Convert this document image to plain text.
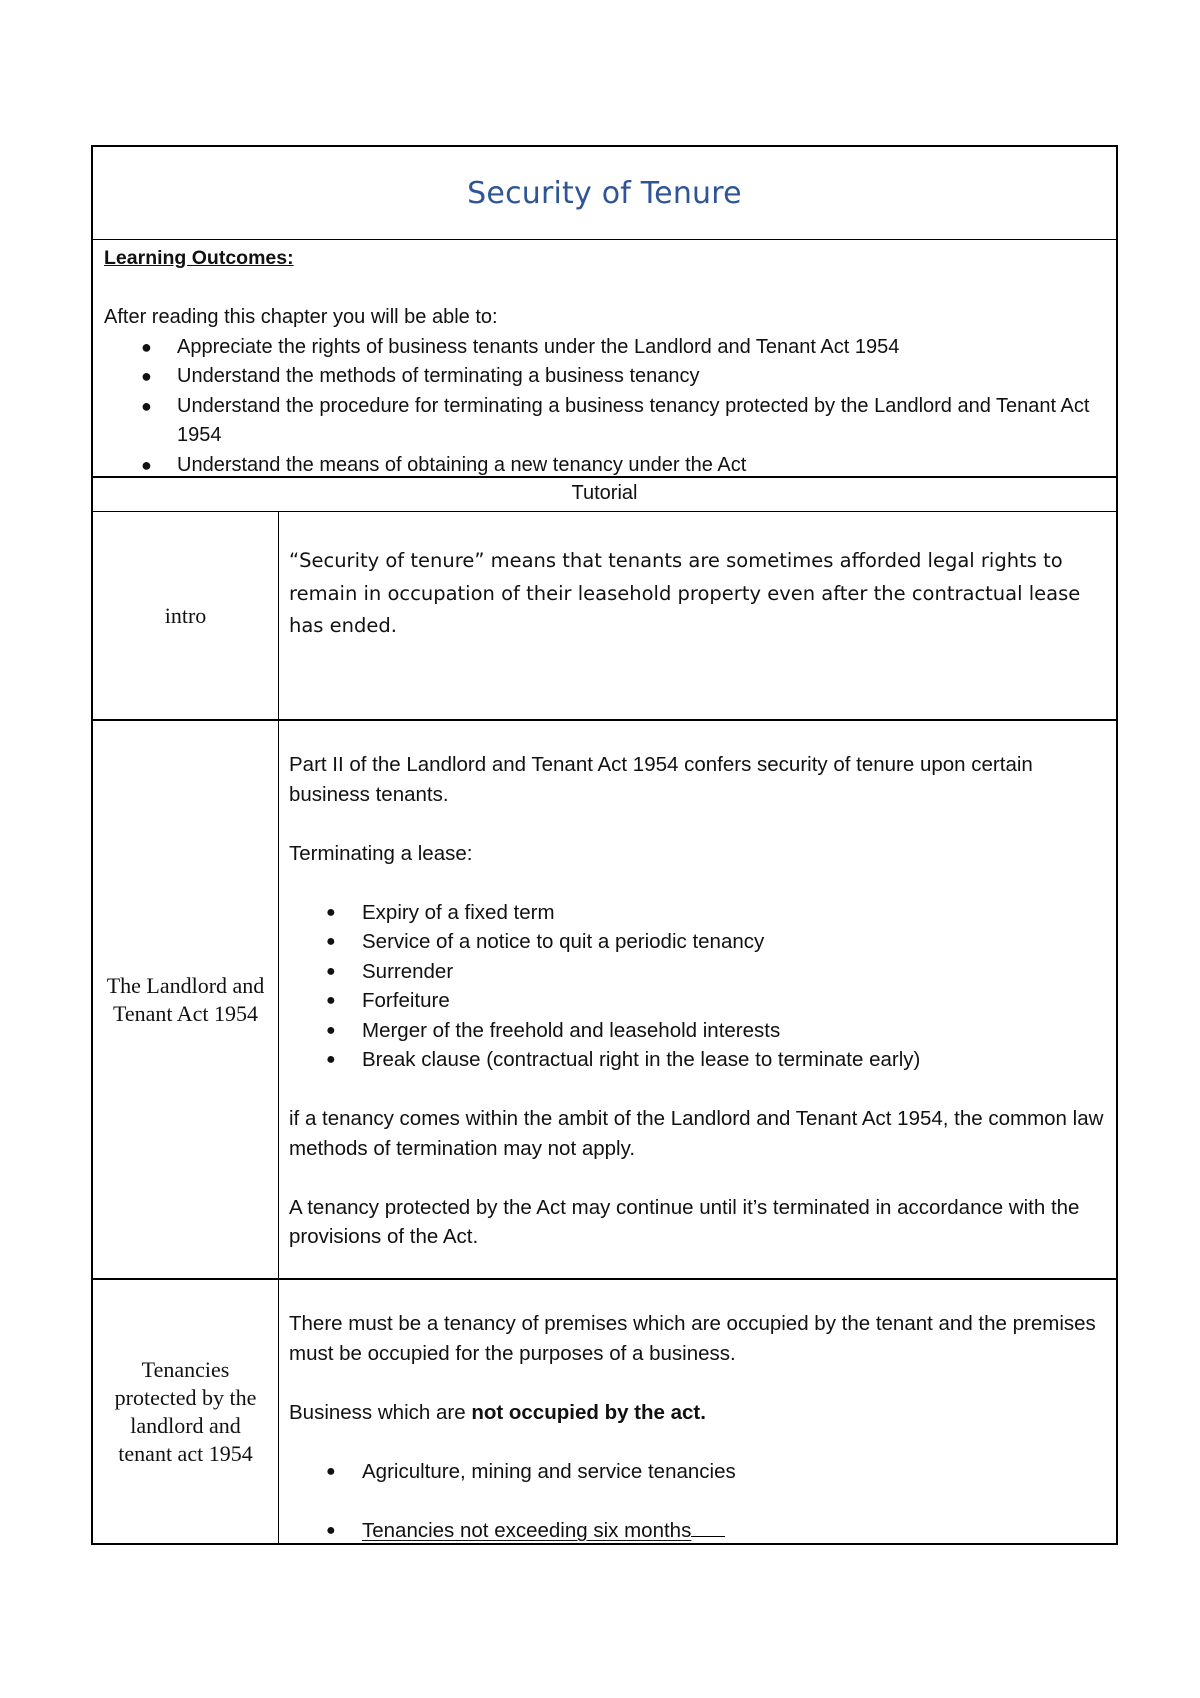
Security of Tenure
Learning Outcomes:
After reading this chapter you will be able to:
● Appreciate the rights of business tenants under the Landlord and Tenant Act 1954
● Understand the methods of terminating a business tenancy
● Understand the procedure for terminating a business tenancy protected by the Landlord and Tenant Act 1954
● Understand the means of obtaining a new tenancy under the Act
Tutorial
intro

“Security of tenure” means that tenants are sometimes afforded legal rights to remain in occupation of their leasehold property even after the contractual lease has ended.

The Landlord and Tenant Act 1954

Part II of the Landlord and Tenant Act 1954 confers security of tenure upon certain business tenants.

Terminating a lease:

● Expiry of a fixed term
● Service of a notice to quit a periodic tenancy
● Surrender
● Forfeiture
● Merger of the freehold and leasehold interests
● Break clause (contractual right in the lease to terminate early)

if a tenancy comes within the ambit of the Landlord and Tenant Act 1954, the common law methods of termination may not apply.

A tenancy protected by the Act may continue until it’s terminated in accordance with the provisions of the Act.

Tenancies protected by the landlord and tenant act 1954

There must be a tenancy of premises which are occupied by the tenant and the premises must be occupied for the purposes of a business.

Business which are not occupied by the act.

● Agriculture, mining and service tenancies
● Tenancies not exceeding six months
